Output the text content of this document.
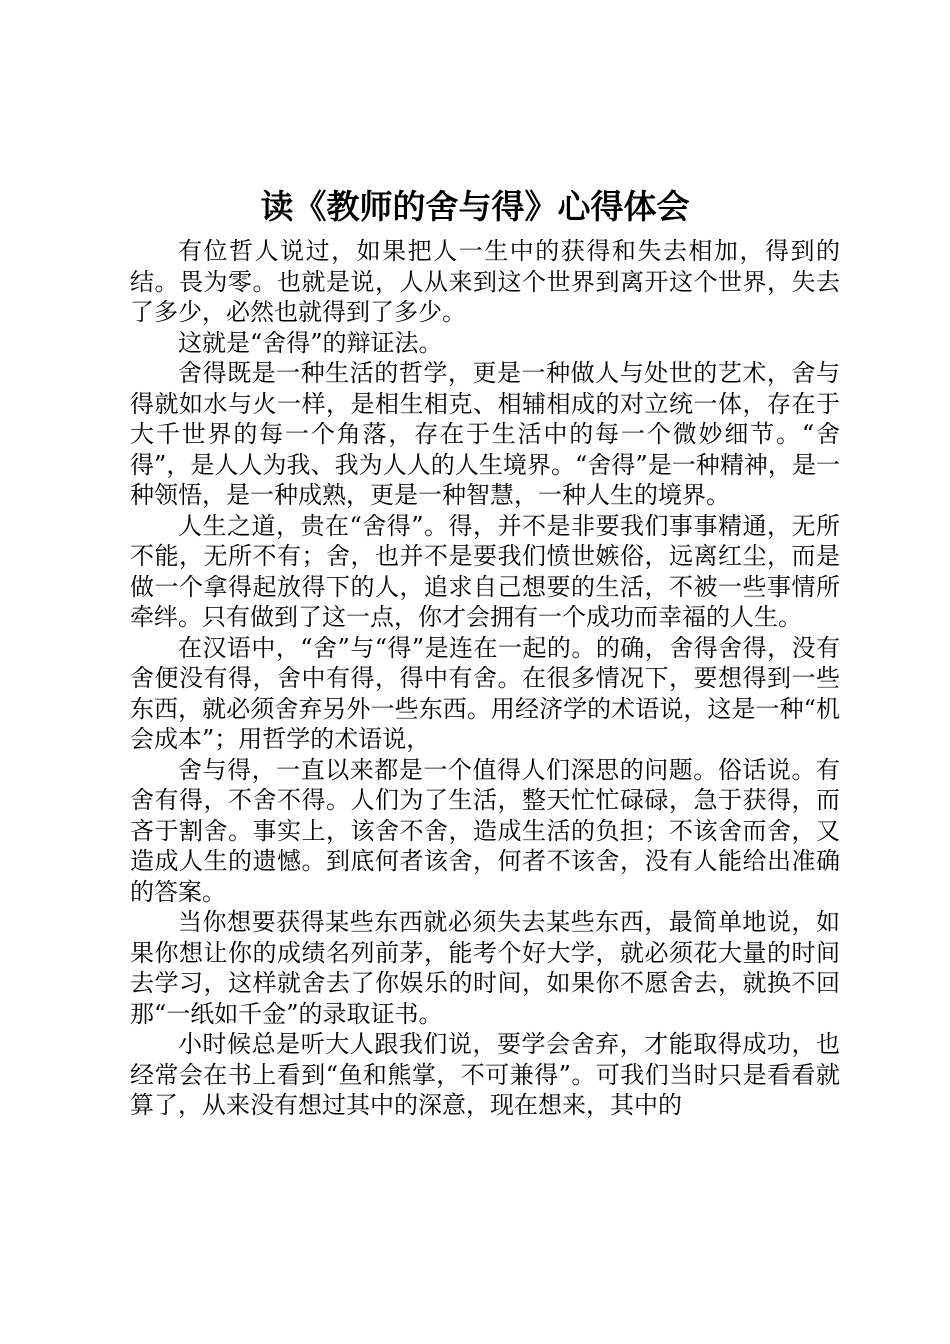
读《教师的舍与得》心得体会

有位哲人说过，如果把人一生中的获得和失去相加，得到的结。畏为零。也就是说，人从来到这个世界到离开这个世界，失去了多少，必然也就得到了多少。

这就是“舍得”的辩证法。

舍得既是一种生活的哲学，更是一种做人与处世的艺术，舍与得就如水与火一样，是相生相克、相辅相成的对立统一体，存在于大千世界的每一个角落，存在于生活中的每一个微妙细节。“舍得”，是人人为我、我为人人的人生境界。“舍得”是一种精神，是一种领悟，是一种成熟，更是一种智慧，一种人生的境界。

人生之道，贵在“舍得”。得，并不是非要我们事事精通，无所不能，无所不有；舍，也并不是要我们愤世嫉俗，远离红尘，而是做一个拿得起放得下的人，追求自己想要的生活，不被一些事情所牵绊。只有做到了这一点，你才会拥有一个成功而幸福的人生。

在汉语中，“舍”与“得”是连在一起的。的确，舍得舍得，没有舍便没有得，舍中有得，得中有舍。在很多情况下，要想得到一些东西，就必须舍弃另外一些东西。用经济学的术语说，这是一种“机会成本”；用哲学的术语说，

舍与得，一直以来都是一个值得人们深思的问题。俗话说。有舍有得，不舍不得。人们为了生活，整天忙忙碌碌，急于获得，而吝于割舍。事实上，该舍不舍，造成生活的负担；不该舍而舍，又造成人生的遗憾。到底何者该舍，何者不该舍，没有人能给出准确的答案。

当你想要获得某些东西就必须失去某些东西，最简单地说，如果你想让你的成绩名列前茅，能考个好大学，就必须花大量的时间去学习，这样就舍去了你娱乐的时间，如果你不愿舍去，就换不回那“一纸如千金”的录取证书。

小时候总是听大人跟我们说，要学会舍弃，才能取得成功，也经常会在书上看到“鱼和熊掌，不可兼得”。可我们当时只是看看就算了，从来没有想过其中的深意，现在想来，其中的
